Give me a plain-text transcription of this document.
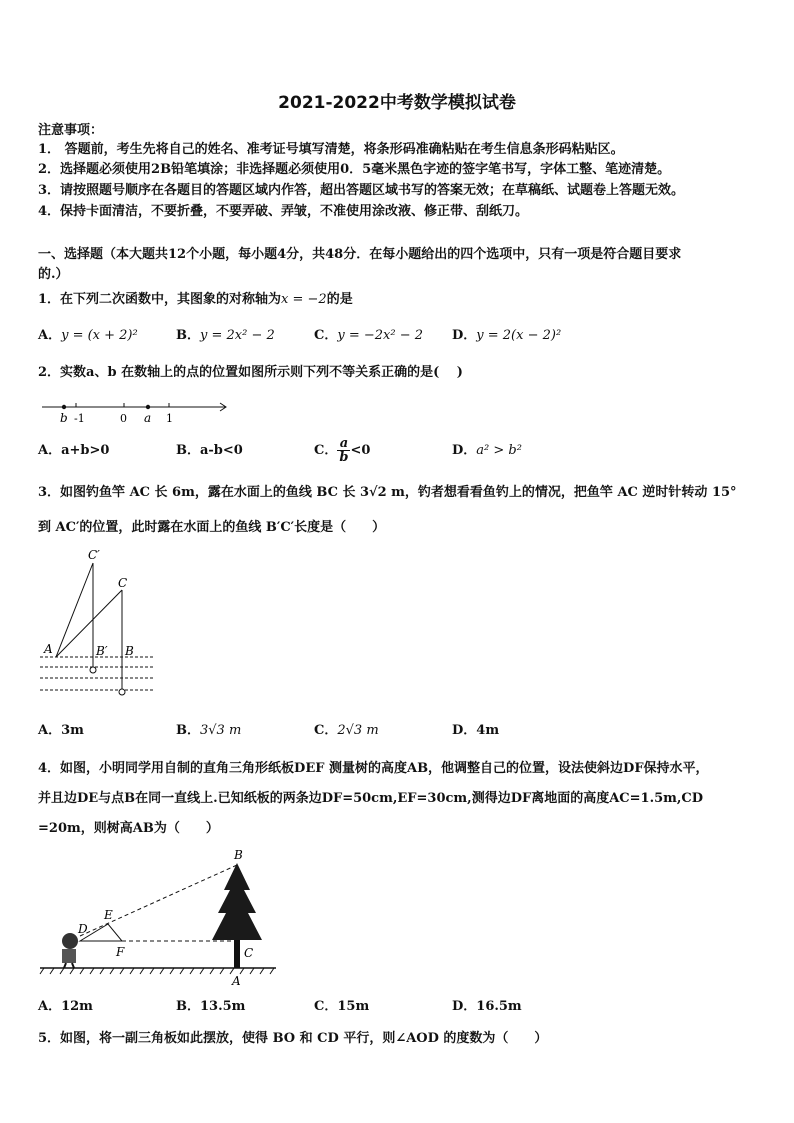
2021-2022中考数学模拟试卷
注意事项：
1． 答题前，考生先将自己的姓名、准考证号填写清楚，将条形码准确粘贴在考生信息条形码粘贴区。
2．选择题必须使用2B铅笔填涂；非选择题必须使用0．5毫米黑色字迹的签字笔书写，字体工整、笔迹清楚。
3．请按照题号顺序在各题目的答题区域内作答，超出答题区域书写的答案无效；在草稿纸、试题卷上答题无效。
4．保持卡面清洁，不要折叠，不要弄破、弄皱，不准使用涂改液、修正带、刮纸刀。
一、选择题（本大题共12个小题，每小题4分，共48分．在每小题给出的四个选项中，只有一项是符合题目要求
的.）
1．在下列二次函数中，其图象的对称轴为x = −2的是
A．y = (x + 2)²	B．y = 2x² − 2	C．y = −2x² − 2 D．y = 2(x − 2)²
2．实数a、b 在数轴上的点的位置如图所示则下列不等关系正确的是(　 )
b -1	0 a 1
A．a+b>0	B．a-b<0	C． $\frac{a}{b} <0$	D．a² > b²
3．如图钓鱼竿 AC 长 6m，露在水面上的鱼线 BC 长 3√2 m，钓者想看看鱼钓上的情况，把鱼竿 AC 逆时针转动 15°
到 AC′的位置，此时露在水面上的鱼线 B′C′长度是（　　）
C′
C
A	B′ B
A．3m	B．3√3 m	C．2√3 m	D．4m
4．如图，小明同学用自制的直角三角形纸板DEF 测量树的高度AB，他调整自己的位置，设法使斜边DF保持水平，
并且边DE与点B在同一直线上.已知纸板的两条边DF=50cm,EF=30cm,测得边DF离地面的高度AC=1.5m,CD
=20m，则树高AB为（　　）
B
E
D
F	C
A
A．12m	B．13.5m	C．15m	D．16.5m
5．如图，将一副三角板如此摆放，使得 BO 和 CD 平行，则∠AOD 的度数为（　　）
